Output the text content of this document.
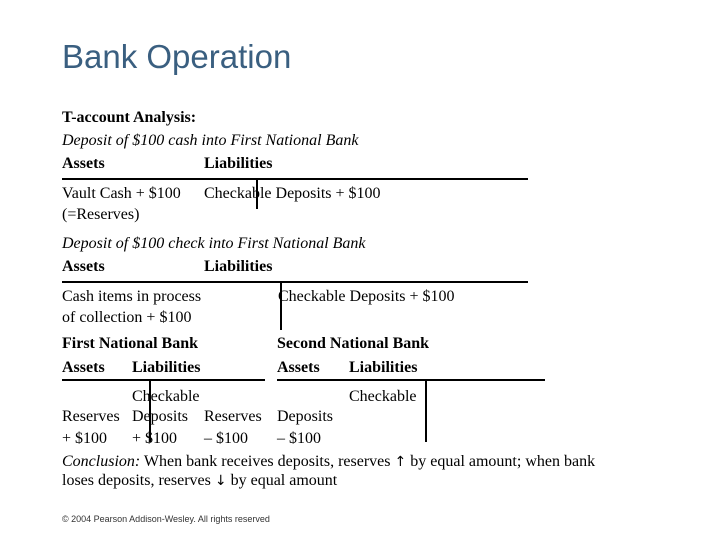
Bank Operation
T-account Analysis:
Deposit of $100 cash into First National Bank
Assets	Liabilities
Vault Cash + $100
(=Reserves)
Checkable Deposits + $100
Deposit of $100 check into First National Bank
Assets	Liabilities
Cash items in process
of collection + $100
Checkable Deposits + $100
First National Bank
Assets Liabilities
Reserves
+ $100
Checkable
Deposits
+ $100
Second National Bank
Assets Liabilities
Reserves
– $100
Checkable
Deposits
– $100
Conclusion: When bank receives deposits, reserves ↑ by equal amount; when bank
loses deposits, reserves ↓ by equal amount
© 2004 Pearson Addison-Wesley. All rights reserved
